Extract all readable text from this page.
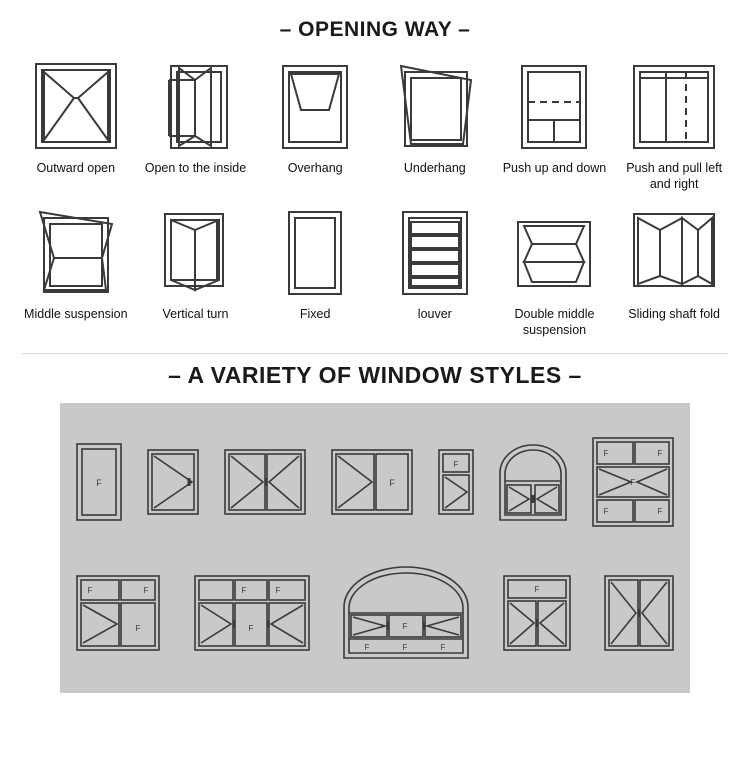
– OPENING WAY –
Outward open Open to the inside	Overhang	Underhang	Push up and down	Push and pull left and right
Middle suspension	Vertical turn	Fixed	louver	Double middle suspension
Sliding shaft fold
– A VARIETY OF WINDOW STYLES –
F	F
F
F	F
F
F	F
F	F
F
F	F
F	F
F	F	F
F
